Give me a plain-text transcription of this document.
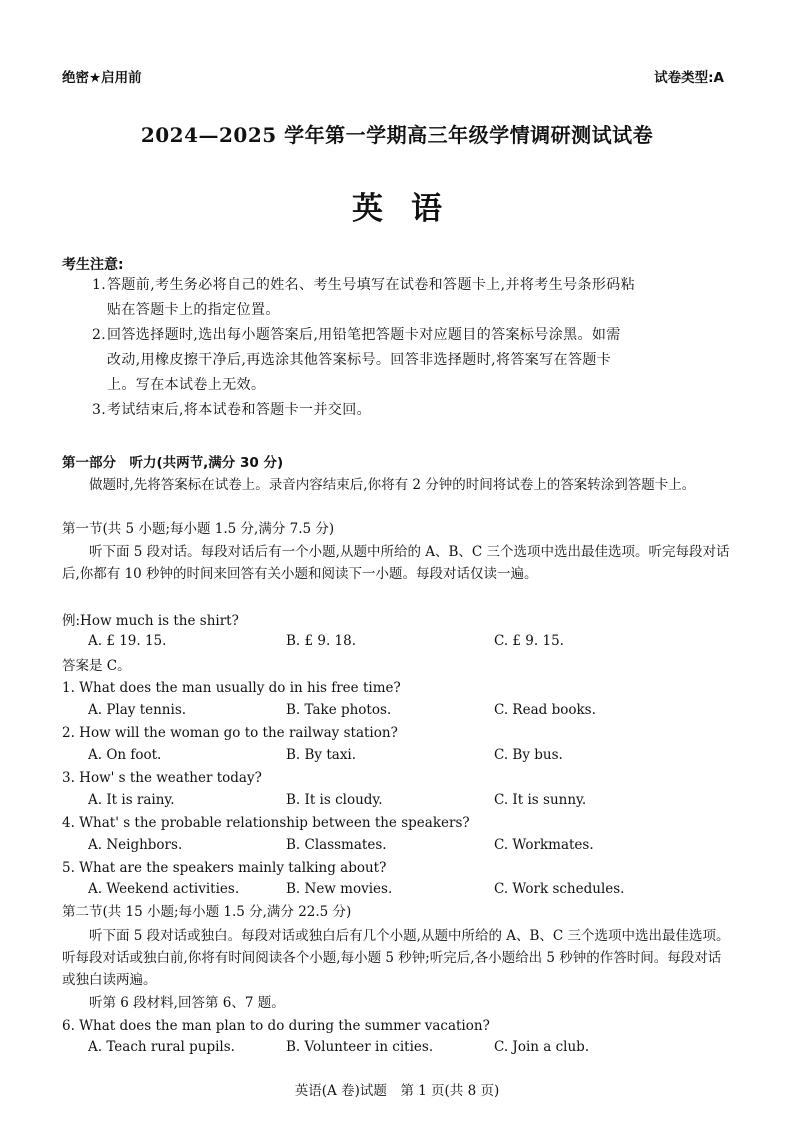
绝密★启用前	试卷类型:A
2024—2025 学年第一学期高三年级学情调研测试试卷
英语
考生注意:
1.答题前,考生务必将自己的姓名、考生号填写在试卷和答题卡上,并将考生号条形码粘
贴在答题卡上的指定位置。
2.回答选择题时,选出每小题答案后,用铅笔把答题卡对应题目的答案标号涂黑。如需
改动,用橡皮擦干净后,再选涂其他答案标号。回答非选择题时,将答案写在答题卡
上。写在本试卷上无效。
3.考试结束后,将本试卷和答题卡一并交回。
第一部分　听力(共两节,满分 30 分)
做题时,先将答案标在试卷上。录音内容结束后,你将有 2 分钟的时间将试卷上的答案转涂到答题卡上。
第一节(共 5 小题;每小题 1.5 分,满分 7.5 分)
听下面 5 段对话。每段对话后有一个小题,从题中所给的 A、B、C 三个选项中选出最佳选项。听完每段对话后,你都有 10 秒钟的时间来回答有关小题和阅读下一小题。每段对话仅读一遍。
例:How much is the shirt?
A. £ 19. 15.	B. £ 9. 18.	C. £ 9. 15.
答案是 C。
1. What does the man usually do in his free time?
A. Play tennis.	B. Take photos.	C. Read books.
2. How will the woman go to the railway station?
A. On foot.	B. By taxi.	C. By bus.
3. How' s the weather today?
A. It is rainy.	B. It is cloudy.	C. It is sunny.
4. What' s the probable relationship between the speakers?
A. Neighbors.	B. Classmates.	C. Workmates.
5. What are the speakers mainly talking about?
A. Weekend activities.	B. New movies.	C. Work schedules.
第二节(共 15 小题;每小题 1.5 分,满分 22.5 分)
听下面 5 段对话或独白。每段对话或独白后有几个小题,从题中所给的 A、B、C 三个选项中选出最佳选项。听每段对话或独白前,你将有时间阅读各个小题,每小题 5 秒钟;听完后,各小题给出 5 秒钟的作答时间。每段对话或独白读两遍。
听第 6 段材料,回答第 6、7 题。
6. What does the man plan to do during the summer vacation?
A. Teach rural pupils.	B. Volunteer in cities.	C. Join a club.
英语(A 卷)试题　第 1 页(共 8 页)
